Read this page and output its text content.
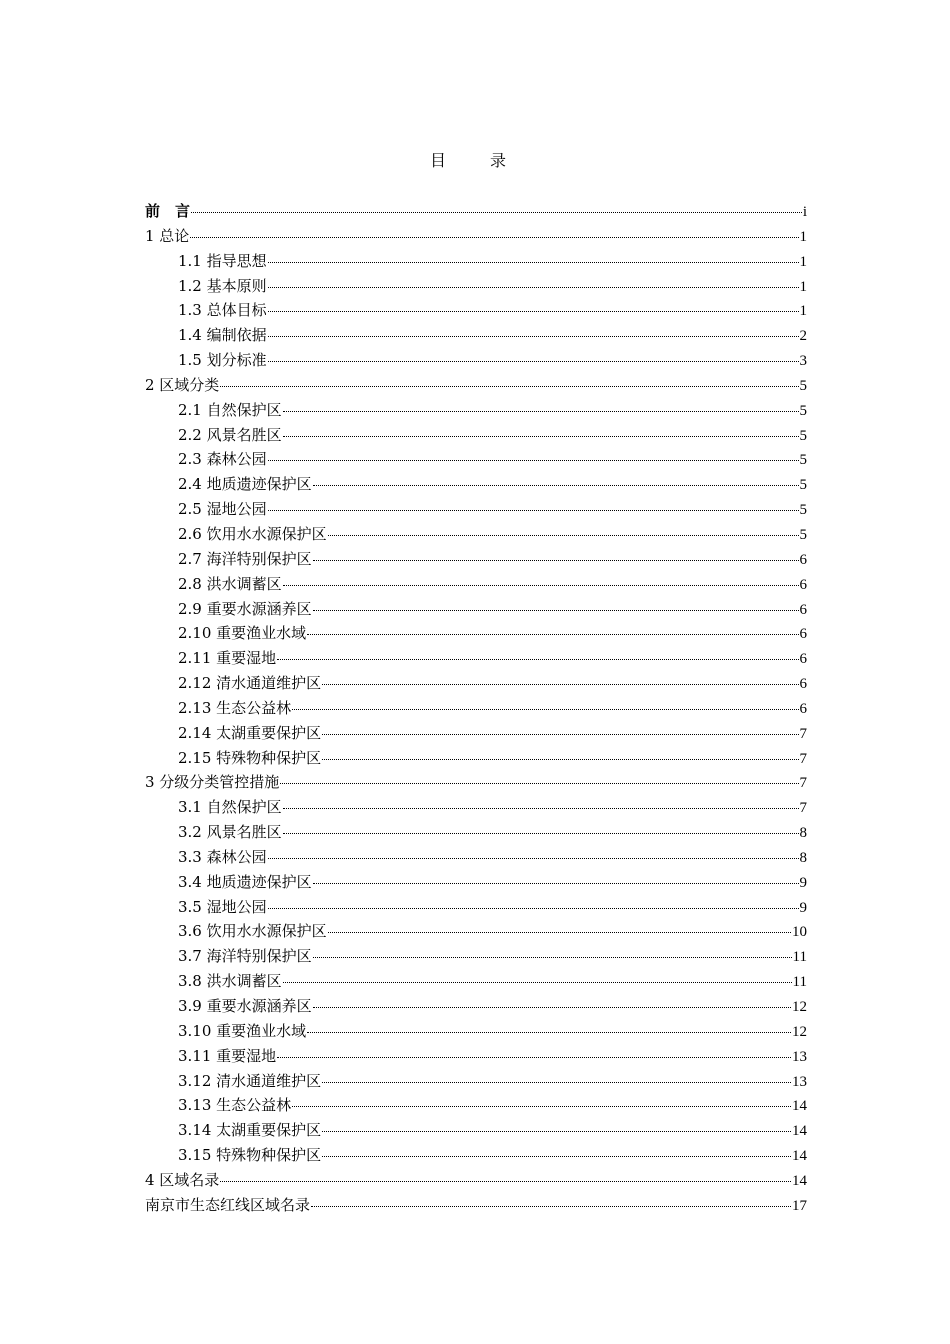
目　录
前　言	i
1 总论	1
1.1 指导思想	1
1.2 基本原则	1
1.3 总体目标	1
1.4 编制依据	2
1.5 划分标准	3
2 区域分类	5
2.1 自然保护区	5
2.2 风景名胜区	5
2.3 森林公园	5
2.4 地质遗迹保护区	5
2.5 湿地公园	5
2.6 饮用水水源保护区	5
2.7 海洋特别保护区	6
2.8 洪水调蓄区	6
2.9 重要水源涵养区	6
2.10 重要渔业水域	6
2.11 重要湿地	6
2.12 清水通道维护区	6
2.13 生态公益林	6
2.14 太湖重要保护区	7
2.15 特殊物种保护区	7
3 分级分类管控措施	7
3.1 自然保护区	7
3.2 风景名胜区	8
3.3 森林公园	8
3.4 地质遗迹保护区	9
3.5 湿地公园	9
3.6 饮用水水源保护区	10
3.7 海洋特别保护区	11
3.8 洪水调蓄区	11
3.9 重要水源涵养区	12
3.10 重要渔业水域	12
3.11 重要湿地	13
3.12 清水通道维护区	13
3.13 生态公益林	14
3.14 太湖重要保护区	14
3.15 特殊物种保护区	14
4 区域名录	14
南京市生态红线区域名录	17
